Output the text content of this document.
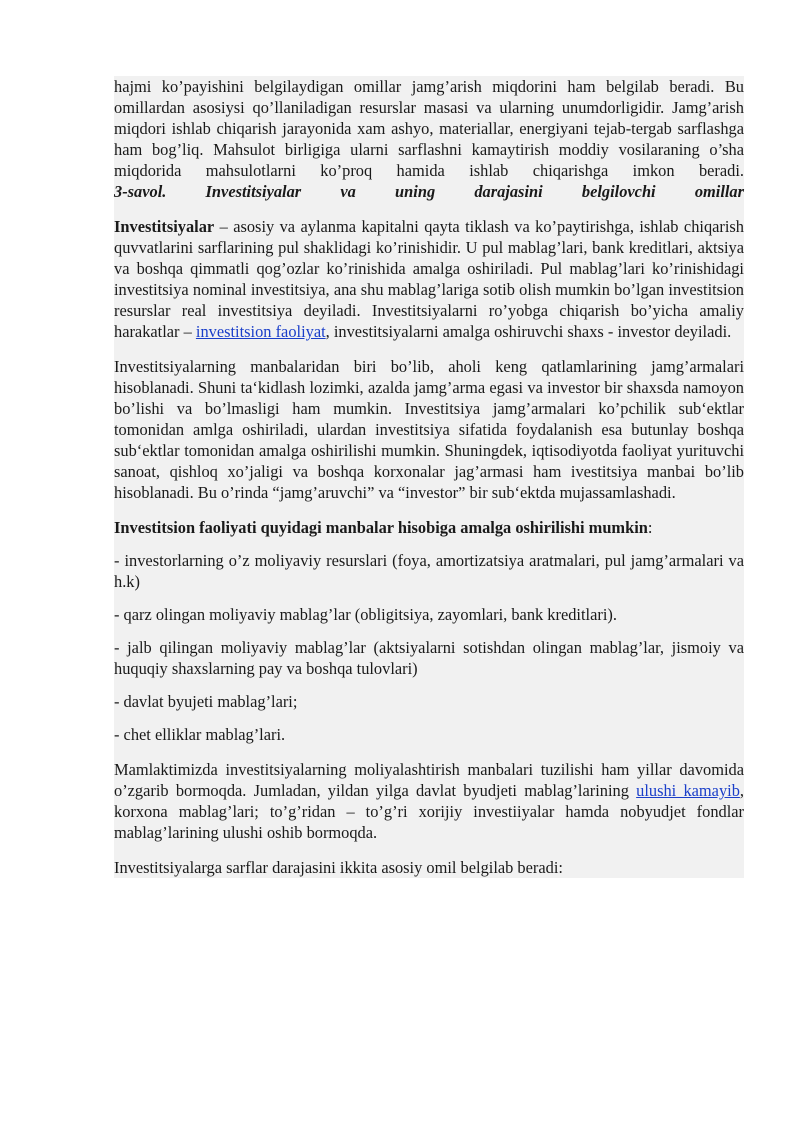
hajmi ko’payishini belgilaydigan omillar jamg’arish miqdorini ham belgilab beradi. Bu omillardan asosiysi qo’llaniladigan resurslar masasi va ularning unumdorligidir. Jamg’arish miqdori ishlab chiqarish jarayonida xam ashyo, materiallar, energiyani tejab-tergab sarflashga ham bog’liq. Mahsulot birligiga ularni sarflashni kamaytirish moddiy vosilaraning o’sha miqdorida mahsulotlarni ko’proq hamida ishlab chiqarishga imkon beradi.

3-savol. Investitsiyalar va uning darajasini belgilovchi omillar

Investitsiyalar – asosiy va aylanma kapitalni qayta tiklash va ko’paytirishga, ishlab chiqarish quvvatlarini sarflarining pul shaklidagi ko’rinishidir. U pul mablag’lari, bank kreditlari, aktsiya va boshqa qimmatli qog’ozlar ko’rinishida amalga oshiriladi. Pul mablag’lari ko’rinishidagi investitsiya nominal investitsiya, ana shu mablag’lariga sotib olish mumkin bo’lgan investitsion resurslar real investitsiya deyiladi. Investitsiyalarni ro’yobga chiqarish bo’yicha amaliy harakatlar – investitsion faoliyat, investitsiyalarni amalga oshiruvchi shaxs - investor deyiladi.

Investitsiyalarning manbalaridan biri bo’lib, aholi keng qatlamlarining jamg’armalari hisoblanadi. Shuni ta‘kidlash lozimki, azalda jamg’arma egasi va investor bir shaxsda namoyon bo’lishi va bo’lmasligi ham mumkin. Investitsiya jamg’armalari ko’pchilik sub‘ektlar tomonidan amlga oshiriladi, ulardan investitsiya sifatida foydalanish esa butunlay boshqa sub‘ektlar tomonidan amalga oshirilishi mumkin. Shuningdek, iqtisodiyotda faoliyat yurituvchi sanoat, qishloq xo’jaligi va boshqa korxonalar jag’armasi ham ivestitsiya manbai bo’lib hisoblanadi. Bu o’rinda “jamg’aruvchi” va “investor” bir sub‘ektda mujassamlashadi.

Investitsion faoliyati quyidagi manbalar hisobiga amalga oshirilishi mumkin:

- investorlarning o’z moliyaviy resurslari (foya, amortizatsiya aratmalari, pul jamg’armalari va h.k)

- qarz olingan moliyaviy mablag’lar (obligitsiya, zayomlari, bank kreditlari).

- jalb qilingan moliyaviy mablag’lar (aktsiyalarni sotishdan olingan mablag’lar, jismoiy va huquqiy shaxslarning pay va boshqa tulovlari)

- davlat byujeti mablag’lari;

- chet elliklar mablag’lari.

Mamlaktimizda investitsiyalarning moliyalashtirish manbalari tuzilishi ham yillar davomida o’zgarib bormoqda. Jumladan, yildan yilga davlat byudjeti mablag’larining ulushi kamayib, korxona mablag’lari; to’g’ridan – to’g’ri xorijiy investiiyalar hamda nobyudjet fondlar mablag’larining ulushi oshib bormoqda.

Investitsiyalarga sarflar darajasini ikkita asosiy omil belgilab beradi:
